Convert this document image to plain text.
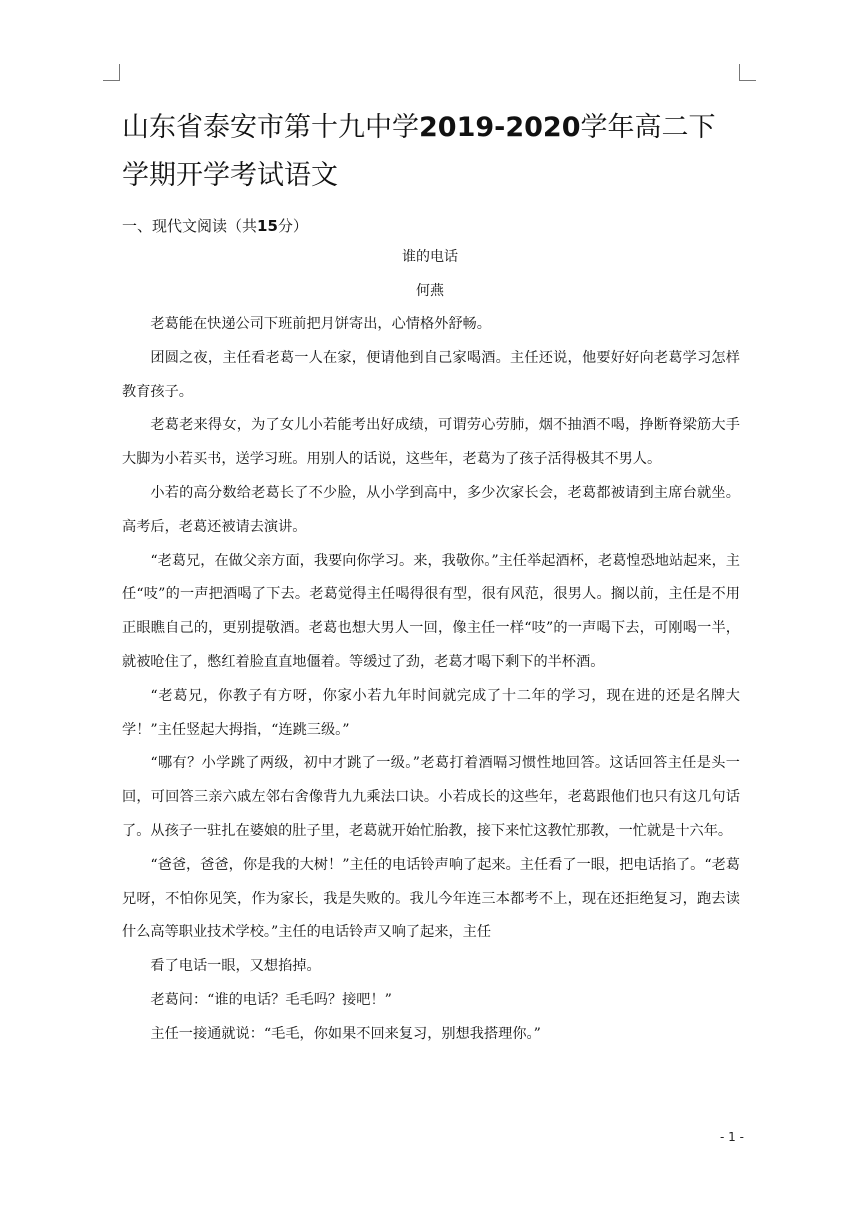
山东省泰安市第十九中学2019-2020学年高二下学期开学考试语文
一、现代文阅读（共15分）
谁的电话
何燕

老葛能在快递公司下班前把月饼寄出，心情格外舒畅。

团圆之夜，主任看老葛一人在家，便请他到自己家喝酒。主任还说，他要好好向老葛学习怎样教育孩子。

老葛老来得女，为了女儿小若能考出好成绩，可谓劳心劳肺，烟不抽酒不喝，挣断脊梁筋大手大脚为小若买书，送学习班。用别人的话说，这些年，老葛为了孩子活得极其不男人。

小若的高分数给老葛长了不少脸，从小学到高中，多少次家长会，老葛都被请到主席台就坐。高考后，老葛还被请去演讲。

“老葛兄，在做父亲方面，我要向你学习。来，我敬你。”主任举起酒杯，老葛惶恐地站起来，主任“吱”的一声把酒喝了下去。老葛觉得主任喝得很有型，很有风范，很男人。搁以前，主任是不用正眼瞧自己的，更别提敬酒。老葛也想大男人一回，像主任一样“吱”的一声喝下去，可刚喝一半，就被呛住了，憋红着脸直直地僵着。等缓过了劲，老葛才喝下剩下的半杯酒。

“老葛兄，你教子有方呀，你家小若九年时间就完成了十二年的学习，现在进的还是名牌大学！”主任竖起大拇指，“连跳三级。”

“哪有？小学跳了两级，初中才跳了一级。”老葛打着酒嗝习惯性地回答。这话回答主任是头一回，可回答三亲六戚左邻右舍像背九九乘法口诀。小若成长的这些年，老葛跟他们也只有这几句话了。从孩子一驻扎在婆娘的肚子里，老葛就开始忙胎教，接下来忙这教忙那教，一忙就是十六年。

“爸爸，爸爸，你是我的大树！”主任的电话铃声响了起来。主任看了一眼，把电话掐了。“老葛兄呀，不怕你见笑，作为家长，我是失败的。我儿今年连三本都考不上，现在还拒绝复习，跑去读什么高等职业技术学校。”主任的电话铃声又响了起来，主任

看了电话一眼，又想掐掉。

老葛问：“谁的电话？毛毛吗？接吧！”

主任一接通就说：“毛毛，你如果不回来复习，别想我搭理你。”

- 1 -
